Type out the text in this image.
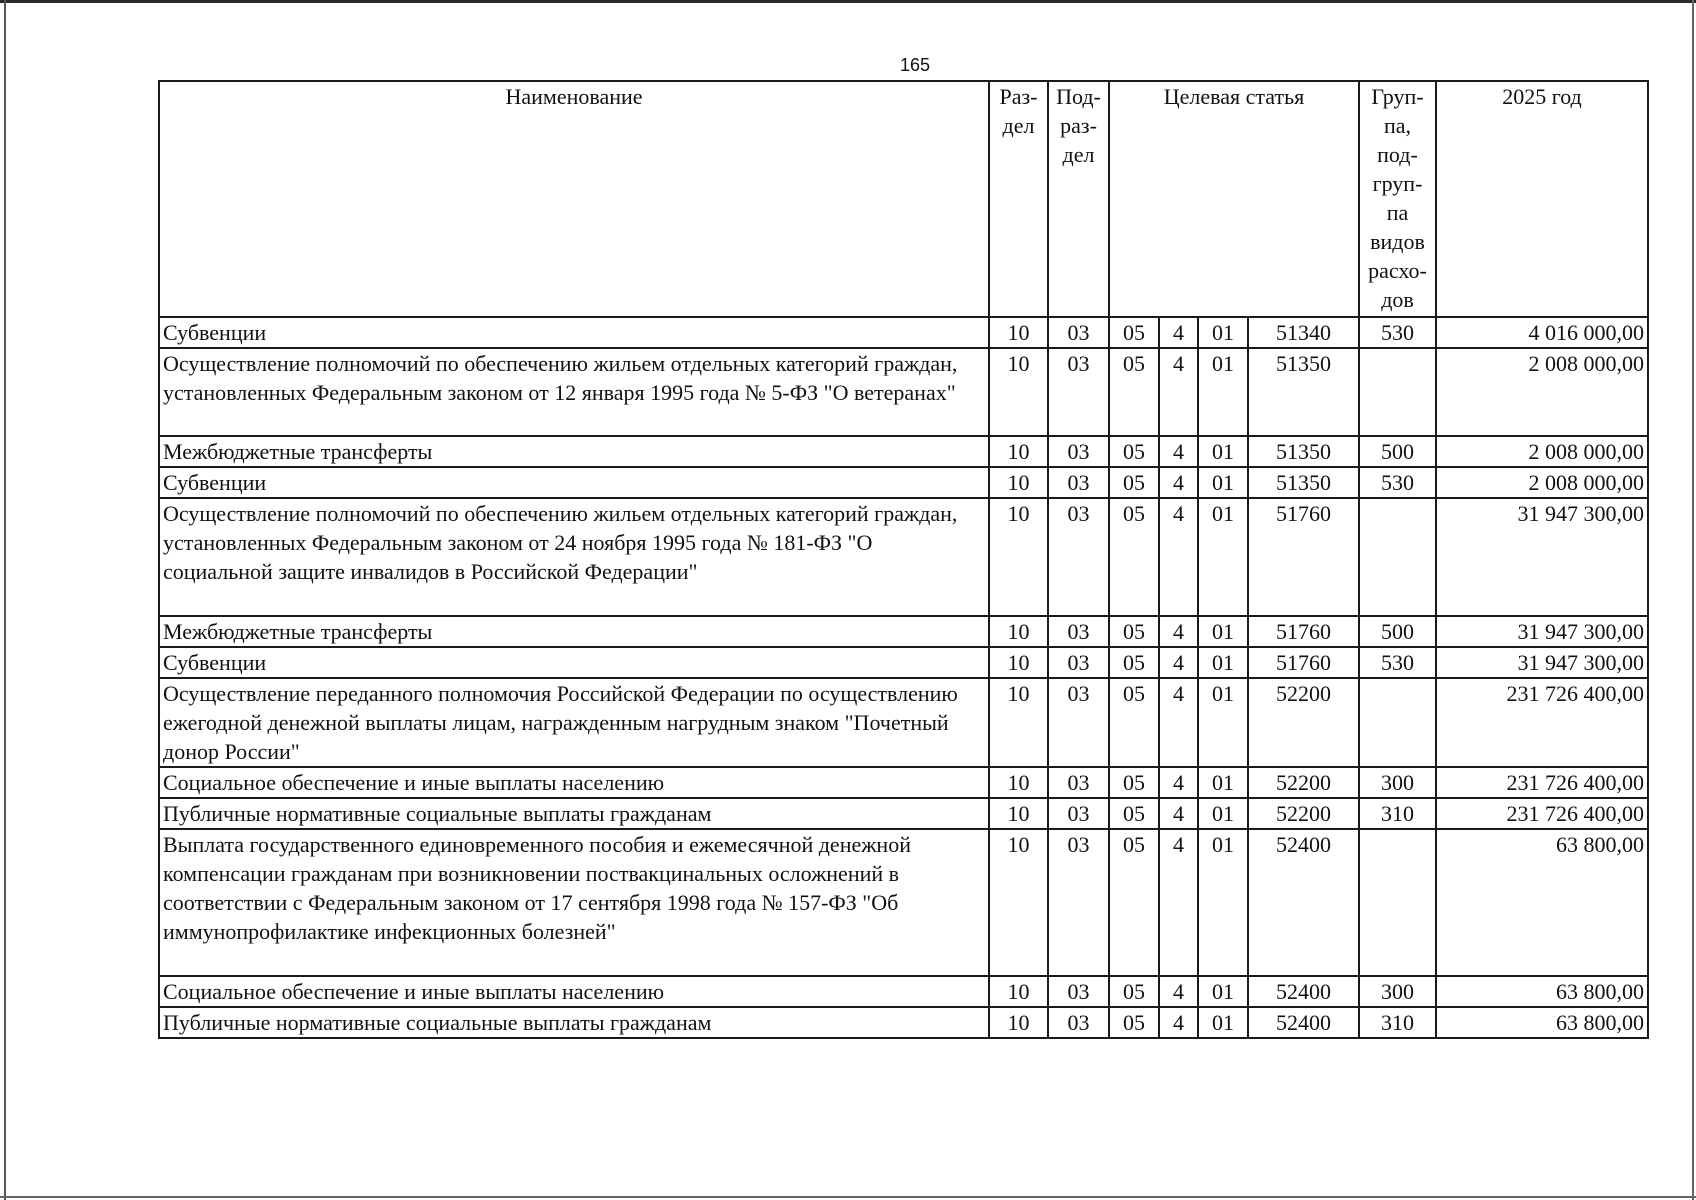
165
Наименование	Раз- дел	Под- раз- дел	Целевая статья				Груп- па, под- груп- па видов расхо- дов	2025 год
Субвенции	10	03	05	4	01	51340	530	4 016 000,00
Осуществление полномочий по обеспечению жильем отдельных категорий граждан, установленных Федеральным законом от 12 января 1995 года № 5-ФЗ "О ветеранах"	10	03	05	4	01	51350		2 008 000,00
Межбюджетные трансферты	10	03	05	4	01	51350	500	2 008 000,00
Субвенции	10	03	05	4	01	51350	530	2 008 000,00
Осуществление полномочий по обеспечению жильем отдельных категорий граждан, установленных Федеральным законом от 24 ноября 1995 года № 181-ФЗ "О социальной защите инвалидов в Российской Федерации"	10	03	05	4	01	51760		31 947 300,00
Межбюджетные трансферты	10	03	05	4	01	51760	500	31 947 300,00
Субвенции	10	03	05	4	01	51760	530	31 947 300,00
Осуществление переданного полномочия Российской Федерации по осуществлению ежегодной денежной выплаты лицам, награжденным нагрудным знаком "Почетный донор России"	10	03	05	4	01	52200		231 726 400,00
Социальное обеспечение и иные выплаты населению	10	03	05	4	01	52200	300	231 726 400,00
Публичные нормативные социальные выплаты гражданам	10	03	05	4	01	52200	310	231 726 400,00
Выплата государственного единовременного пособия и ежемесячной денежной компенсации гражданам при возникновении поствакцинальных осложнений в соответствии с Федеральным законом от 17 сентября 1998 года № 157-ФЗ "Об иммунопрофилактике инфекционных болезней"	10	03	05	4	01	52400		63 800,00
Социальное обеспечение и иные выплаты населению	10	03	05	4	01	52400	300	63 800,00
Публичные нормативные социальные выплаты гражданам	10	03	05	4	01	52400	310	63 800,00
